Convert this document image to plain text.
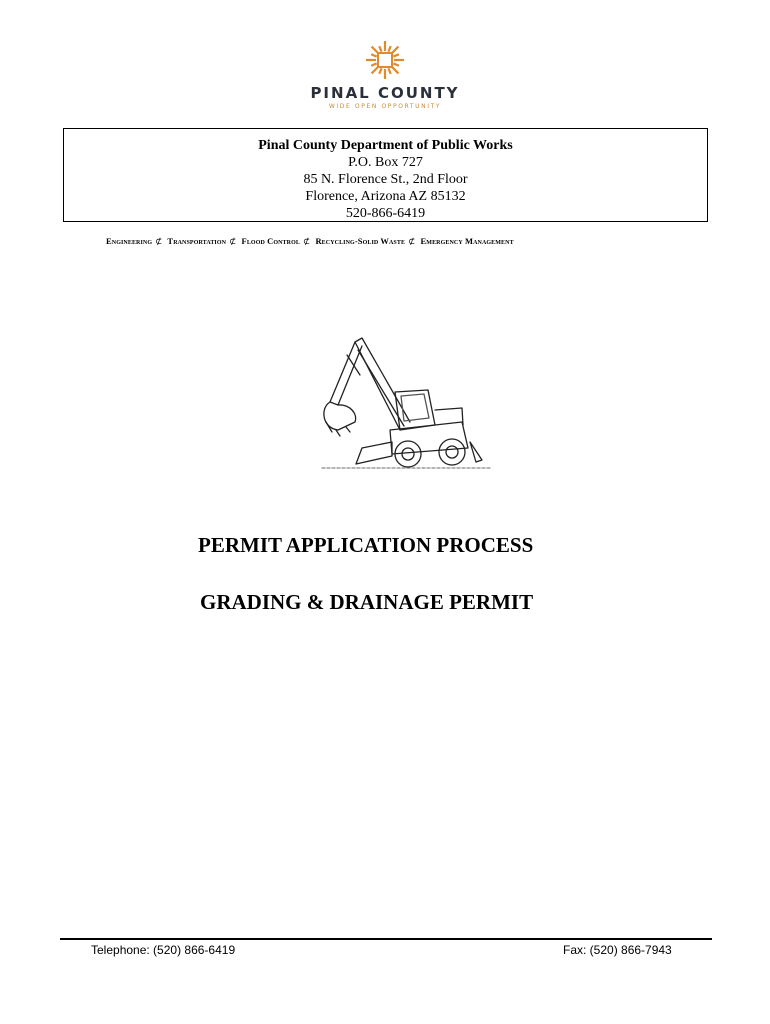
PINAL COUNTY
WIDE OPEN OPPORTUNITY
Pinal County Department of Public Works
P.O. Box 727
85 N. Florence St., 2nd Floor
Florence, Arizona AZ 85132
520-866-6419
Engineering ⊄ Transportation ⊄ Flood Control ⊄ Recycling-Solid Waste ⊄ Emergency Management
PERMIT APPLICATION PROCESS
GRADING & DRAINAGE PERMIT
Telephone: (520) 866-6419	Fax: (520) 866-7943
